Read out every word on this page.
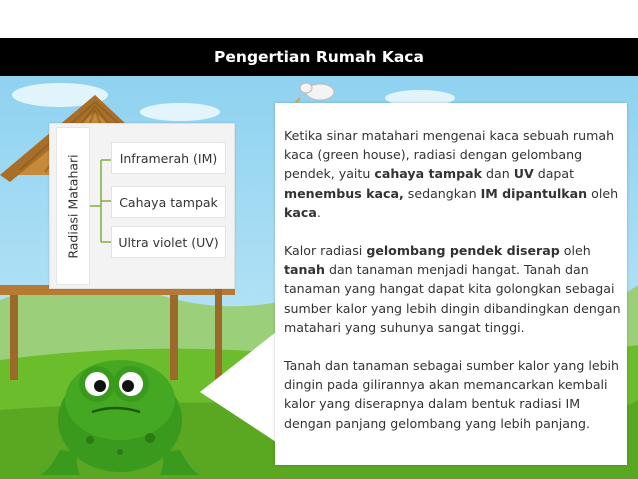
Pengertian Rumah Kaca
Radiasi Matahari	Inframerah (IM)
Cahaya tampak
Ultra violet (UV)

Ketika sinar matahari mengenai kaca sebuah rumah kaca (green house), radiasi dengan gelombang pendek, yaitu cahaya tampak dan UV dapat menembus kaca, sedangkan IM dipantulkan oleh kaca.

Kalor radiasi gelombang pendek diserap oleh tanah dan tanaman menjadi hangat. Tanah dan tanaman yang hangat dapat kita golongkan sebagai sumber kalor yang lebih dingin dibandingkan dengan matahari yang suhunya sangat tinggi.

Tanah dan tanaman sebagai sumber kalor yang lebih dingin pada gilirannya akan memancarkan kembali kalor yang diserapnya dalam bentuk radiasi IM dengan panjang gelombang yang lebih panjang.
